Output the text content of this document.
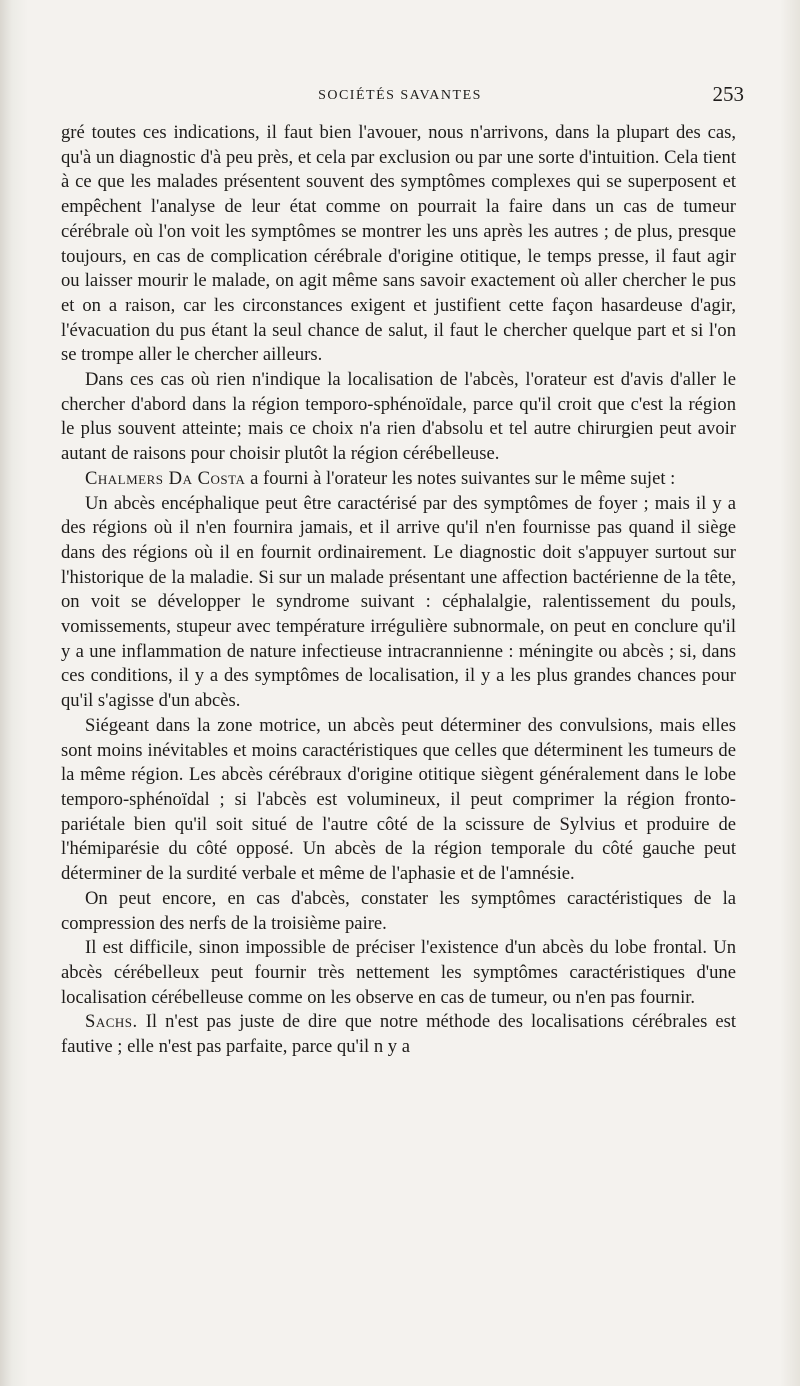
SOCIÉTÉS SAVANTES	253

gré toutes ces indications, il faut bien l'avouer, nous n'arrivons, dans la plupart des cas, qu'à un diagnostic d'à peu près, et cela par exclusion ou par une sorte d'intuition. Cela tient à ce que les malades présentent souvent des symptômes complexes qui se superposent et empêchent l'analyse de leur état comme on pourrait la faire dans un cas de tumeur cérébrale où l'on voit les symptômes se montrer les uns après les autres ; de plus, presque toujours, en cas de complication cérébrale d'origine otitique, le temps presse, il faut agir ou laisser mourir le malade, on agit même sans savoir exactement où aller chercher le pus et on a raison, car les circonstances exigent et justifient cette façon hasardeuse d'agir, l'évacuation du pus étant la seul chance de salut, il faut le chercher quelque part et si l'on se trompe aller le chercher ailleurs.

Dans ces cas où rien n'indique la localisation de l'abcès, l'orateur est d'avis d'aller le chercher d'abord dans la région temporo-sphénoïdale, parce qu'il croit que c'est la région le plus souvent atteinte; mais ce choix n'a rien d'absolu et tel autre chirurgien peut avoir autant de raisons pour choisir plutôt la région cérébelleuse.

Chalmers Da Costa a fourni à l'orateur les notes suivantes sur le même sujet :

Un abcès encéphalique peut être caractérisé par des symptômes de foyer ; mais il y a des régions où il n'en fournira jamais, et il arrive qu'il n'en fournisse pas quand il siège dans des régions où il en fournit ordinairement. Le diagnostic doit s'appuyer surtout sur l'historique de la maladie. Si sur un malade présentant une affection bactérienne de la tête, on voit se développer le syndrome suivant : céphalalgie, ralentissement du pouls, vomissements, stupeur avec température irrégulière subnormale, on peut en conclure qu'il y a une inflammation de nature infectieuse intracrannienne : méningite ou abcès ; si, dans ces conditions, il y a des symptômes de localisation, il y a les plus grandes chances pour qu'il s'agisse d'un abcès.

Siégeant dans la zone motrice, un abcès peut déterminer des convulsions, mais elles sont moins inévitables et moins caractéristiques que celles que déterminent les tumeurs de la même région. Les abcès cérébraux d'origine otitique siègent généralement dans le lobe temporo-sphénoïdal ; si l'abcès est volumineux, il peut comprimer la région fronto-pariétale bien qu'il soit situé de l'autre côté de la scissure de Sylvius et produire de l'hémiparésie du côté opposé. Un abcès de la région temporale du côté gauche peut déterminer de la surdité verbale et même de l'aphasie et de l'amnésie.

On peut encore, en cas d'abcès, constater les symptômes caractéristiques de la compression des nerfs de la troisième paire.

Il est difficile, sinon impossible de préciser l'existence d'un abcès du lobe frontal. Un abcès cérébelleux peut fournir très nettement les symptômes caractéristiques d'une localisation cérébelleuse comme on les observe en cas de tumeur, ou n'en pas fournir.

Sachs. Il n'est pas juste de dire que notre méthode des localisations cérébrales est fautive ; elle n'est pas parfaite, parce qu'il n y a
